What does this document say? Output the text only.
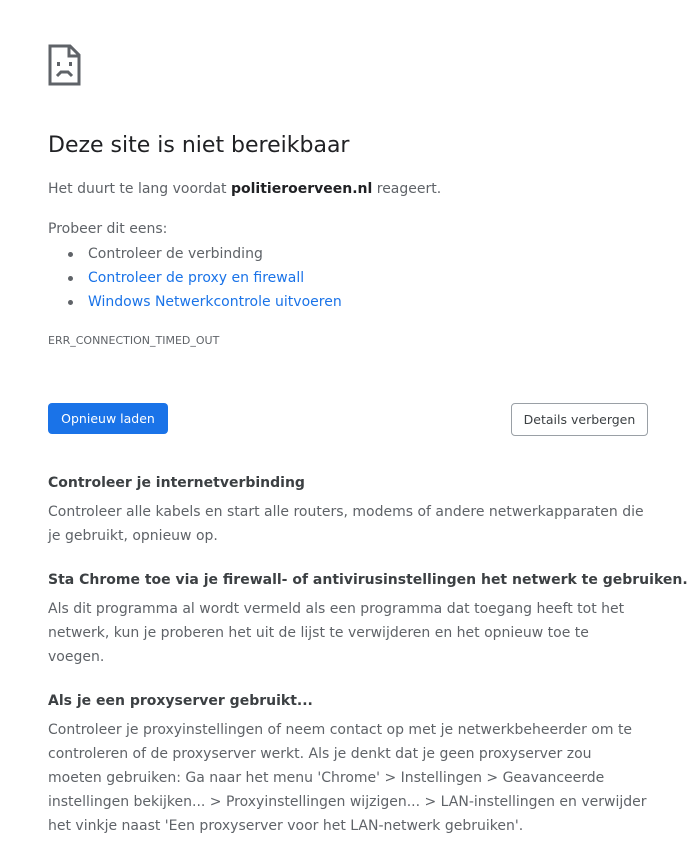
Deze site is niet bereikbaar
Het duurt te lang voordat politieroerveen.nl reageert.
Probeer dit eens:
Controleer de verbinding
Controleer de proxy en firewall
Windows Netwerkcontrole uitvoeren
ERR_CONNECTION_TIMED_OUT
Opnieuw laden	Details verbergen
Controleer je internetverbinding

Controleer alle kabels en start alle routers, modems of andere netwerkapparaten die je gebruikt, opnieuw op.

Sta Chrome toe via je firewall- of antivirusinstellingen het netwerk te gebruiken.

Als dit programma al wordt vermeld als een programma dat toegang heeft tot het netwerk, kun je proberen het uit de lijst te verwijderen en het opnieuw toe te voegen.

Als je een proxyserver gebruikt...

Controleer je proxyinstellingen of neem contact op met je netwerkbeheerder om te controleren of de proxyserver werkt. Als je denkt dat je geen proxyserver zou moeten gebruiken: Ga naar het menu 'Chrome' > Instellingen > Geavanceerde instellingen bekijken... > Proxyinstellingen wijzigen... > LAN-instellingen en verwijder het vinkje naast 'Een proxyserver voor het LAN-netwerk gebruiken'.
